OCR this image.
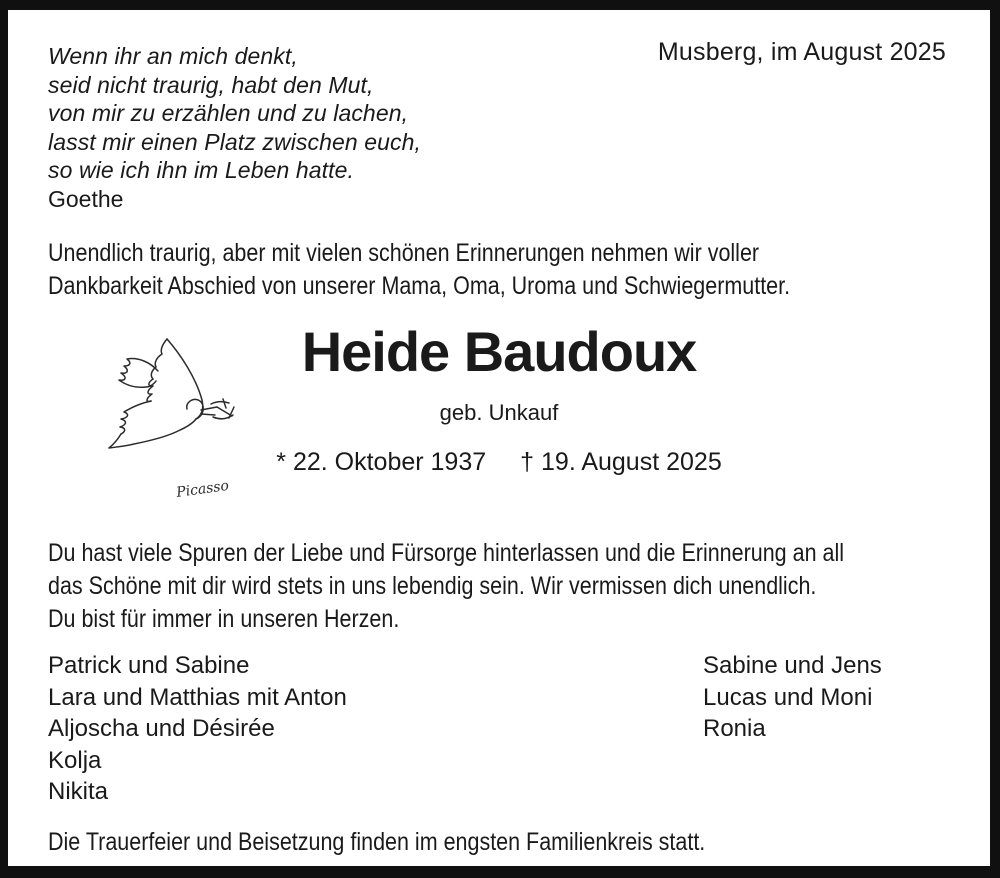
Musberg, im August 2025
Wenn ihr an mich denkt,
seid nicht traurig, habt den Mut,
von mir zu erzählen und zu lachen,
lasst mir einen Platz zwischen euch,
so wie ich ihn im Leben hatte.
Goethe
Unendlich traurig, aber mit vielen schönen Erinnerungen nehmen wir voller
Dankbarkeit Abschied von unserer Mama, Oma, Uroma und Schwiegermutter.
Picasso
Heide Baudoux
geb. Unkauf
* 22. Oktober 1937 † 19. August 2025
Du hast viele Spuren der Liebe und Fürsorge hinterlassen und die Erinnerung an all
das Schöne mit dir wird stets in uns lebendig sein. Wir vermissen dich unendlich.
Du bist für immer in unseren Herzen.
Patrick und Sabine
Lara und Matthias mit Anton
Aljoscha und Désirée
Kolja
Nikita
Sabine und Jens
Lucas und Moni
Ronia
Die Trauerfeier und Beisetzung finden im engsten Familienkreis statt.
